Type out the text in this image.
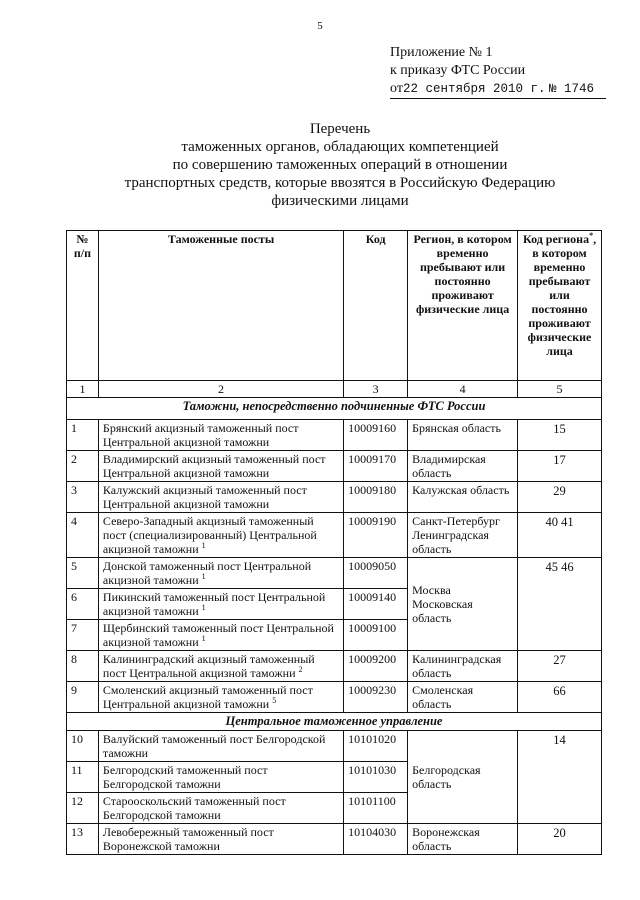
5
Приложение № 1
к приказу ФТС России
от22 сентября 2010 г. № 1746
Перечень
таможенных органов, обладающих компетенцией
по совершению таможенных операций в отношении
транспортных средств, которые ввозятся в Российскую Федерацию
физическими лицами
№ п/п	Таможенные посты	Код	Регион, в котором временно пребывают или постоянно проживают физические лица	Код региона*, в котором временно пребывают или постоянно проживают физические лица
1	2	3	4	5
Таможни, непосредственно подчиненные ФТС России				
1	Брянский акцизный таможенный пост Центральной акцизной таможни	10009160	Брянская область	15
2	Владимирский акцизный таможенный пост Центральной акцизной таможни	10009170	Владимирская область	17
3	Калужский акцизный таможенный пост Центральной акцизной таможни	10009180	Калужская область	29
4	Северо-Западный акцизный таможенный пост (специализированный) Центральной акцизной таможни $^1$	10009190	Санкт-Петербург Ленинградская область	40 41
5	Донской таможенный пост Центральной акцизной таможни $^1$	10009050	Москва Московская область	45 46
6	Пикинский таможенный пост Центральной акцизной таможни $^1$	10009140		
7	Щербинский таможенный пост Центральной акцизной таможни $^1$	10009100		
8	Калининградский акцизный таможенный пост Центральной акцизной таможни $^2$	10009200	Калининградская область	27
9	Смоленский акцизный таможенный пост Центральной акцизной таможни $^5$	10009230	Смоленская область	66
Центральное таможенное управление				
10	Валуйский таможенный пост Белгородской таможни	10101020	Белгородская область	14
11	Белгородский таможенный пост Белгородской таможни	10101030		
12	Старооскольский таможенный пост Белгородской таможни	10101100		
13	Левобережный таможенный пост Воронежской таможни	10104030	Воронежская область	20
